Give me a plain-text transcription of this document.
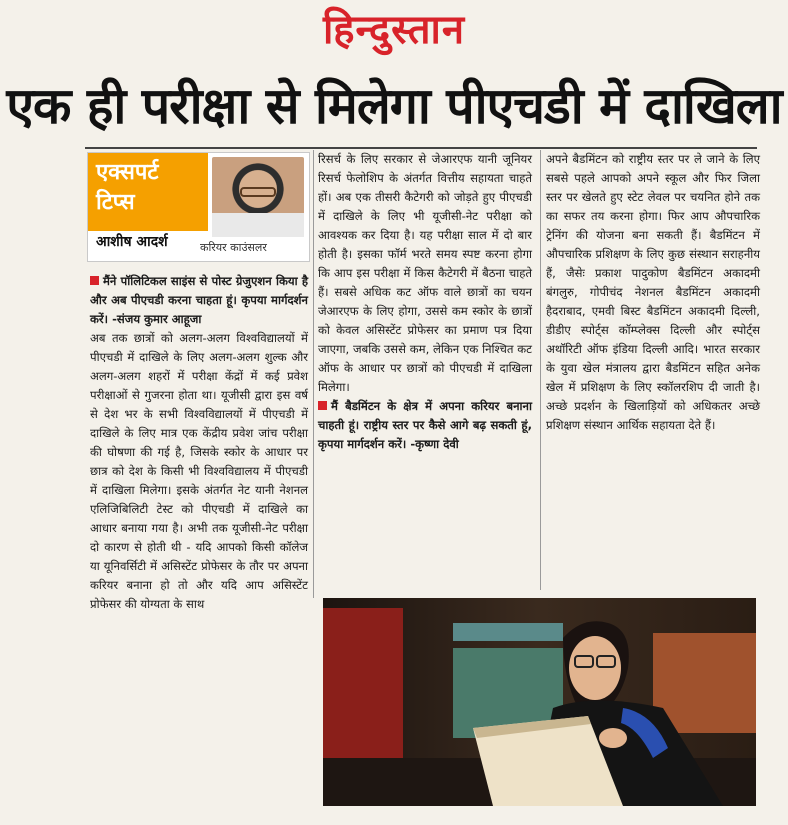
हिन्दुस्तान
एक ही परीक्षा से मिलेगा पीएचडी में दाखिला
एक्सपर्ट
टिप्स
आशीष आदर्श	करियर काउंसलर

मैंने पॉलिटिकल साइंस से पोस्ट ग्रेजुएशन किया है और अब पीएचडी करना चाहता हूं। कृपया मार्गदर्शन करें। -संजय कुमार आहूजा

अब तक छात्रों को अलग-अलग विश्वविद्यालयों में पीएचडी में दाखिले के लिए अलग-अलग शुल्क और अलग-अलग शहरों में परीक्षा केंद्रों में कई प्रवेश परीक्षाओं से गुजरना होता था। यूजीसी द्वारा इस वर्ष से देश भर के सभी विश्वविद्यालयों में पीएचडी में दाखिले के लिए मात्र एक केंद्रीय प्रवेश जांच परीक्षा की घोषणा की गई है, जिसके स्कोर के आधार पर छात्र को देश के किसी भी विश्वविद्यालय में पीएचडी में दाखिला मिलेगा। इसके अंतर्गत नेट यानी नेशनल एलिजिबिलिटी टेस्ट को पीएचडी में दाखिले का आधार बनाया गया है। अभी तक यूजीसी-नेट परीक्षा दो कारण से होती थी - यदि आपको किसी कॉलेज या यूनिवर्सिटी में असिस्टेंट प्रोफेसर के तौर पर अपना करियर बनाना हो तो और यदि आप असिस्टेंट प्रोफेसर की योग्यता के साथ

रिसर्च के लिए सरकार से जेआरएफ यानी जूनियर रिसर्च फेलोशिप के अंतर्गत वित्तीय सहायता चाहते हों। अब एक तीसरी कैटेगरी को जोड़ते हुए पीएचडी में दाखिले के लिए भी यूजीसी-नेट परीक्षा को आवश्यक कर दिया है। यह परीक्षा साल में दो बार होती है। इसका फॉर्म भरते समय स्पष्ट करना होगा कि आप इस परीक्षा में किस कैटेगरी में बैठना चाहते हैं। सबसे अधिक कट ऑफ वाले छात्रों का चयन जेआरएफ के लिए होगा, उससे कम स्कोर के छात्रों को केवल असिस्टेंट प्रोफेसर का प्रमाण पत्र दिया जाएगा, जबकि उससे कम, लेकिन एक निश्चित कट ऑफ के आधार पर छात्रों को पीएचडी में दाखिला मिलेगा।

मैं बैडमिंटन के क्षेत्र में अपना करियर बनाना चाहती हूं। राष्ट्रीय स्तर पर कैसे आगे बढ़ सकती हूं, कृपया मार्गदर्शन करें। -कृष्णा देवी

अपने बैडमिंटन को राष्ट्रीय स्तर पर ले जाने के लिए सबसे पहले आपको अपने स्कूल और फिर जिला स्तर पर खेलते हुए स्टेट लेवल पर चयनित होने तक का सफर तय करना होगा। फिर आप औपचारिक ट्रेनिंग की योजना बना सकती हैं। बैडमिंटन में औपचारिक प्रशिक्षण के लिए कुछ संस्थान सराहनीय हैं, जैसेः प्रकाश पादुकोण बैडमिंटन अकादमी बंगलुरु, गोपीचंद नेशनल बैडमिंटन अकादमी हैदराबाद, एमवी बिस्ट बैडमिंटन अकादमी दिल्ली, डीडीए स्पोर्ट्स कॉम्प्लेक्स दिल्ली और स्पोर्ट्स अथॉरिटी ऑफ इंडिया दिल्ली आदि। भारत सरकार के युवा खेल मंत्रालय द्वारा बैडमिंटन सहित अनेक खेल में प्रशिक्षण के लिए स्कॉलरशिप दी जाती है। अच्छे प्रदर्शन के खिलाड़ियों को अधिकतर अच्छे प्रशिक्षण संस्थान आर्थिक सहायता देते हैं।
